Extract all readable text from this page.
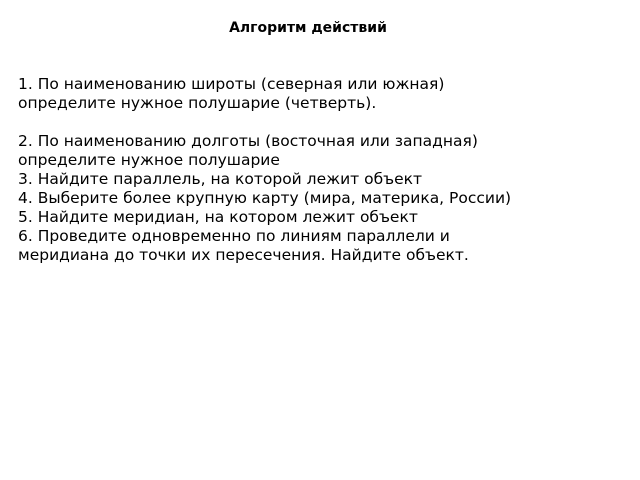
Алгоритм действий
1. По наименованию широты (северная или южная)
определите нужное полушарие (четверть).
2. По наименованию долготы (восточная или западная)
определите нужное полушарие
3. Найдите параллель, на которой лежит объект
4. Выберите более крупную карту (мира, материка, России)
5. Найдите меридиан, на котором лежит объект
6. Проведите одновременно по линиям параллели и
меридиана до точки их пересечения. Найдите объект.
